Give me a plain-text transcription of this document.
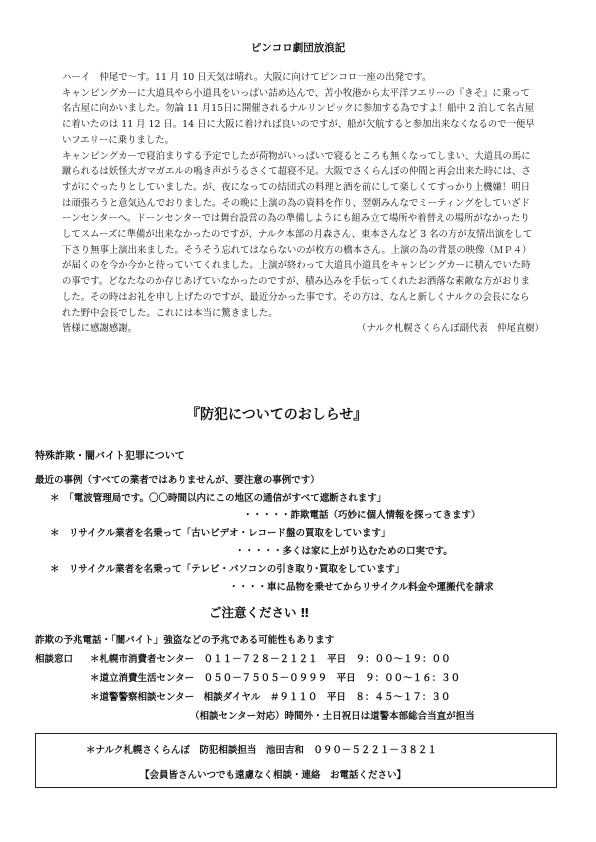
ピンコロ劇団放浪記

ハーイ　仲尾で～す。11 月 10 日天気は晴れ。大阪に向けてピンコロ一座の出発です。

キャンピングカーに大道具やら小道具をいっぱい詰め込んで、苫小牧港から太平洋フエリーの『きそ』に乗って

名古屋に向かいました。勿論 11 月15日に開催されるナルリンピックに参加する為ですよ！船中 2 泊して名古屋

に着いたのは 11 月 12 日。14 日に大阪に着ければ良いのですが、船が欠航すると参加出来なくなるので一便早

いフエリーに乗りました。

キャンピングカーで寝泊まりする予定でしたが荷物がいっぱいで寝るところも無くなってしまい、大道具の馬に

蹴られるは妖怪大ガマガエルの鳴き声がうるさくて超寝不足。大阪でさくらんぼの仲間と再会出来た時には、さ

すがにぐったりとしていました。が、夜になっての結団式の料理と酒を前にして楽しくてすっかり上機嫌！明日

は頑張ろうと意気込んでおりました。その晩に上演の為の資料を作り、翌朝みんなでミーティングをしていざド

ーンセンターへ。ドーンセンターでは舞台設営の為の準備しようにも組み立て場所や着替えの場所がなかったり

してスムーズに準備が出来なかったのですが、ナルク本部の月森さん、東本さんなど 3 名の方が友情出演をして

下さり無事上演出来ました。そうそう忘れてはならないのが枚方の橋本さん。上演の為の背景の映像（ＭＰ４）

が届くのを今か今かと待っていてくれました。上演が終わって大道具小道具をキャンピングカーに積んでいた時

の事です。どなたなのか存じあげていなかったのですが、積み込みを手伝ってくれたお洒落な素敵な方がおりま

した。その時はお礼を申し上げたのですが、最近分かった事です。その方は、なんと新しくナルクの会長になら

れた野中会長でした。これには本当に驚きました。

皆様に感謝感謝。	（ナルク札幌さくらんぼ副代表　仲尾直樹）

『防犯についてのおしらせ』
特殊詐欺・闇バイト犯罪について
最近の事例（すべての業者ではありませんが、要注意の事例です）
＊　「電波管理局です。〇〇時間以内にこの地区の通信がすべて遮断されます」
・・・・・詐欺電話（巧妙に個人情報を探ってきます）
＊　リサイクル業者を名乗って「古いビデオ・レコード盤の買取をしています」
・・・・・多くは家に上がり込むための口実です。
＊　リサイクル業者を名乗って「テレビ・パソコンの引き取り･買取をしています」
・・・・車に品物を乗せてからリサイクル料金や運搬代を請求
ご注意ください ‼
詐欺の予兆電話・「闇バイト」強盗などの予兆である可能性もあります
相談窓口 ＊札幌市消費者センター　０１１－７２８－２１２１　平日　９：００～１９：００
＊道立消費生活センター　０５０－７５０５－０９９９　平日　９：００～１６：３０
＊道警警察相談センター　相談ダイヤル　＃９１１０　平日　８：４５～１７：３０
（相談センター対応）時間外・土日祝日は道警本部総合当直が担当
＊ナルク札幌さくらんぼ　防犯相談担当　池田吉和　０９０－５２２１－３８２１
【会員皆さんいつでも遠慮なく相談・連絡　お電話ください】
